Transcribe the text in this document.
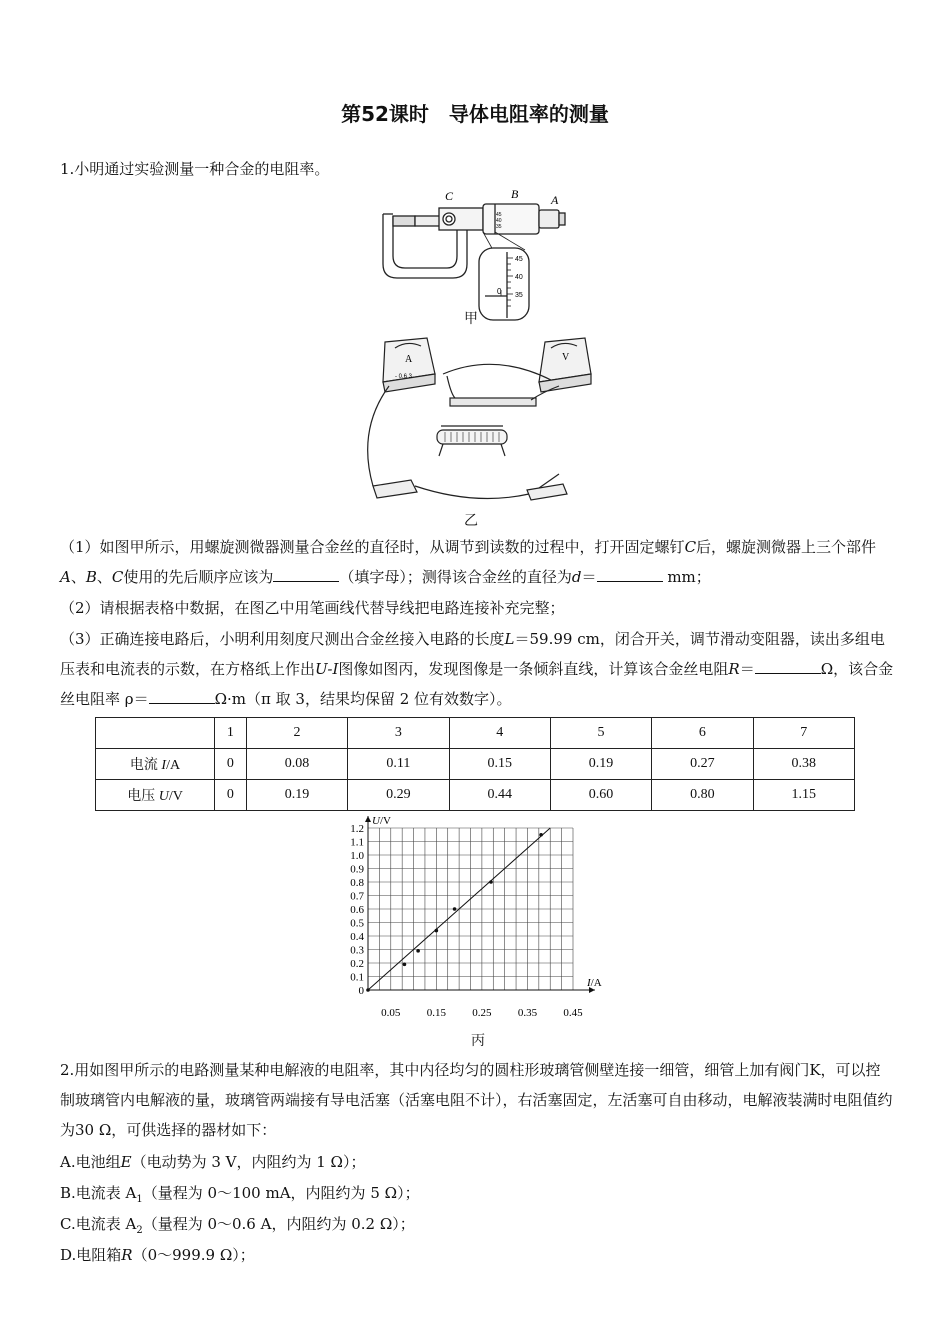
第52课时　导体电阻率的测量
1.小明通过实验测量一种合金的电阻率。
C	B	A
45
40
35
45
40
35
0
甲
A	V
- 0.6 3
乙
（1）如图甲所示，用螺旋测微器测量合金丝的直径时，从调节到读数的过程中，打开固定螺钉C后，螺旋测微器上三个部件A、B、C使用的先后顺序应该为	（填字母）；测得该合金丝的直径为d＝	mm；
（2）请根据表格中数据，在图乙中用笔画线代替导线把电路连接补充完整；
（3）正确连接电路后，小明利用刻度尺测出合金丝接入电路的长度L＝59.99 cm，闭合开关，调节滑动变阻器，读出多组电压表和电流表的示数，在方格纸上作出U-I图像如图丙，发现图像是一条倾斜直线，计算该合金丝电阻R＝	Ω，该合金丝电阻率 ρ＝	Ω·m（π 取 3，结果均保留 2 位有效数字）。
	1	2	3	4	5	6	7
电流 I/A	0	0.08	0.11	0.15	0.19	0.27	0.38
电压 U/V	0	0.19	0.29	0.44	0.60	0.80	1.15
0.1
0.2
0.3
0.4
0.5
0.6
0.7
0.8
0.9
1.0
1.1
1.2
0.05 0.15 0.25 0.35 0.45
0
U/V
I/A
丙
2.用如图甲所示的电路测量某种电解液的电阻率，其中内径均匀的圆柱形玻璃管侧壁连接一细管，细管上加有阀门K，可以控制玻璃管内电解液的量，玻璃管两端接有导电活塞（活塞电阻不计），右活塞固定，左活塞可自由移动，电解液装满时电阻值约为30 Ω，可供选择的器材如下：
A.电池组E（电动势为 3 V，内阻约为 1 Ω）；
B.电流表 $A_1$（量程为 0～100 mA，内阻约为 5 Ω）；
C.电流表 $A_2$（量程为 0～0.6 A，内阻约为 0.2 Ω）；
D.电阻箱R（0～999.9 Ω）；
